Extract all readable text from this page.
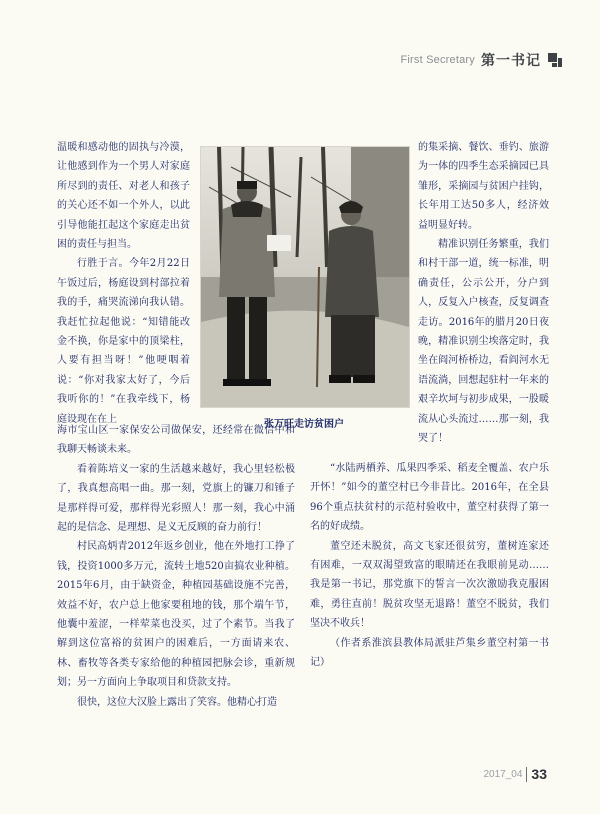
First Secretary 第一书记

温暖和感动他的固执与冷漠，让他感到作为一个男人对家庭所尽到的责任、对老人和孩子的关心还不如一个外人，以此引导他能扛起这个家庭走出贫困的责任与担当。

行胜于言。今年2月22日午饭过后，杨庭设到村部拉着我的手，痛哭流涕向我认错。我赶忙拉起他说：“知错能改金不换，你是家中的顶梁柱，人要有担当呀！”他哽咽着说：“你对我家太好了，今后我听你的！”在我牵线下，杨庭设现在在上	张万旺走访贫困户

海市宝山区一家保安公司做保安，还经常在微信中和我聊天畅谈未来。

看着陈培义一家的生活越来越好，我心里轻松极了，我真想高唱一曲。那一刻，党旗上的镰刀和锤子是那样得可爱，那样得光彩照人！那一刻，我心中涌起的是信念、是理想、是义无反顾的奋力前行！

村民高炳青2012年返乡创业，他在外地打工挣了钱，投资1000多万元，流转土地520亩搞农业种植。2015年6月，由于缺资金，种植园基础设施不完善，效益不好，农户总上他家要租地的钱，那个端午节，他囊中羞涩，一样荤菜也没买，过了个素节。当我了解到这位富裕的贫困户的困难后，一方面请来农、林、畜牧等各类专家给他的种植园把脉会诊，重新规划；另一方面向上争取项目和贷款支持。

很快，这位大汉脸上露出了笑容。他精心打造

的集采摘、餐饮、垂钓、旅游为一体的四季生态采摘园已具雏形，采摘园与贫困户挂钩，长年用工达50多人，经济效益明显好转。

精准识别任务繁重，我们和村干部一道，统一标准，明确责任，公示公开，分户到人，反复入户核查，反复调查走访。2016年的腊月20日夜晚，精准识别尘埃落定时，我坐在阎河桥桥边，看阎河水无语流淌，回想起驻村一年来的艰辛坎坷与初步成果，一股暖流从心头流过……那一刻，我哭了！

“水陆两栖养、瓜果四季采、稻麦全覆盖、农户乐开怀！”如今的董空村已今非昔比。2016年，在全县96个重点扶贫村的示范村验收中，董空村获得了第一名的好成绩。

董空还未脱贫，高文飞家还很贫穷，董树连家还有困难，一双双渴望致富的眼睛还在我眼前晃动……我是第一书记，那党旗下的誓言一次次激励我克服困难，勇往直前！脱贫攻坚无退路！董空不脱贫，我们坚决不收兵！

（作者系淮滨县教体局派驻芦集乡董空村第一书记）

2017_04 33
